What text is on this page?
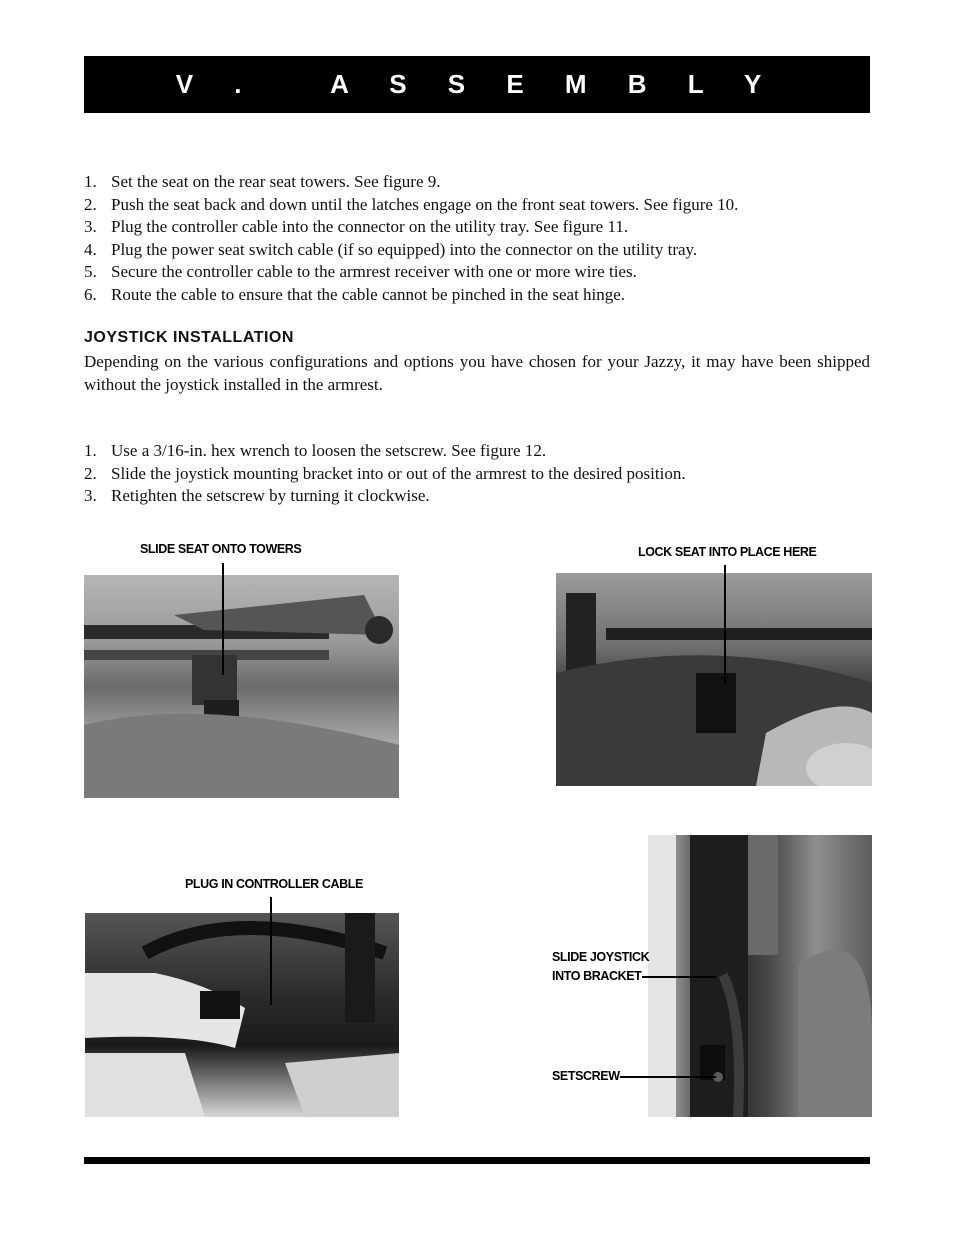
V .   A S S E M B L Y
1. Set the seat on the rear seat towers. See figure 9.
2. Push the seat back and down until the latches engage on the front seat towers. See figure 10.
3. Plug the controller cable into the connector on the utility tray. See figure 11.
4. Plug the power seat switch cable (if so equipped) into the connector on the utility tray.
5. Secure the controller cable to the armrest receiver with one or more wire ties.
6. Route the cable to ensure that the cable cannot be pinched in the seat hinge.
JOYSTICK INSTALLATION
Depending on the various configurations and options you have chosen for your Jazzy, it may have been shipped without the joystick installed in the armrest.
1. Use a 3/16-in. hex wrench to loosen the setscrew. See figure 12.
2. Slide the joystick mounting bracket into or out of the armrest to the desired position.
3. Retighten the setscrew by turning it clockwise.
SLIDE SEAT ONTO TOWERS	LOCK SEAT INTO PLACE HERE
PLUG IN CONTROLLER CABLE
SLIDE JOYSTICK
INTO BRACKET
SETSCREW
